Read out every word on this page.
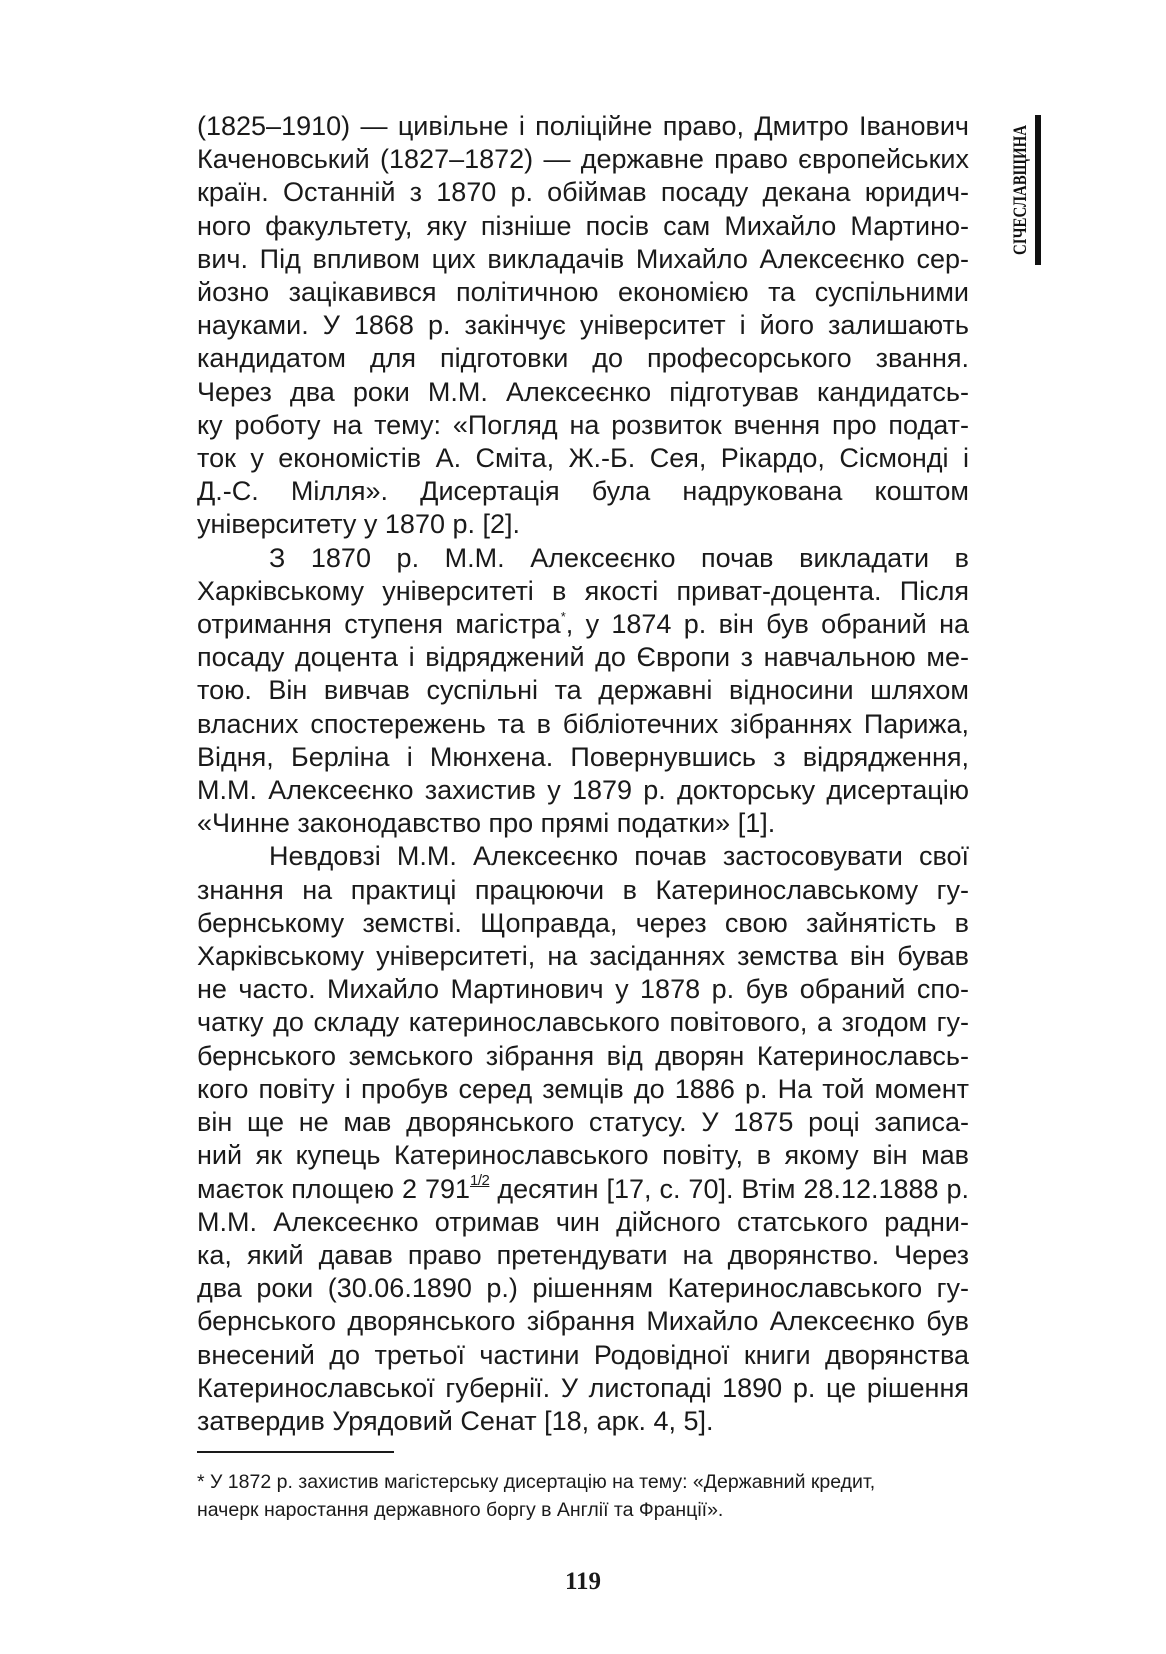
(1825–1910) — цивільне і поліційне право, Дмитро Іванович
Каченовський (1827–1872) — державне право європейських
країн. Останній з 1870 р. обіймав посаду декана юридич-
ного факультету, яку пізніше посів сам Михайло Мартино-
вич. Під впливом цих викладачів Михайло Алексеєнко сер-
йозно зацікавився політичною економією та суспільними
науками. У 1868 р. закінчує університет і його залишають
кандидатом для підготовки до професорського звання.
Через два роки М.М. Алексеєнко підготував кандидатсь-
ку роботу на тему: «Погляд на розвиток вчення про подат-
ток у економістів А. Сміта, Ж.-Б. Сея, Рікардо, Сісмонді і
Д.-С. Мілля». Дисертація була надрукована коштом
університету у 1870 р. [2].
З 1870 р. М.М. Алексеєнко почав викладати в
Харківському університеті в якості приват-доцента. Після
отримання ступеня магістра*, у 1874 р. він був обраний на
посаду доцента і відряджений до Європи з навчальною ме-
тою. Він вивчав суспільні та державні відносини шляхом
власних спостережень та в бібліотечних зібраннях Парижа,
Відня, Берліна і Мюнхена. Повернувшись з відрядження,
М.М. Алексеєнко захистив у 1879 р. докторську дисертацію
«Чинне законодавство про прямі податки» [1].
Невдовзі М.М. Алексеєнко почав застосовувати свої
знання на практиці працюючи в Катеринославському гу-
бернському земстві. Щоправда, через свою зайнятість в
Харківському університеті, на засіданнях земства він бував
не часто. Михайло Мартинович у 1878 р. був обраний спо-
чатку до складу катеринославського повітового, а згодом гу-
бернського земського зібрання від дворян Катеринославсь-
кого повіту і пробув серед земців до 1886 р. На той момент
він ще не мав дворянського статусу. У 1875 році записа-
ний як купець Катеринославського повіту, в якому він мав
маєток площею 2 $791^{1/2}$ десятин [17, с. 70]. Втім 28.12.1888 р.
М.М. Алексеєнко отримав чин дійсного статського радни-
ка, який давав право претендувати на дворянство. Через
два роки (30.06.1890 р.) рішенням Катеринославського гу-
бернського дворянського зібрання Михайло Алексеєнко був
внесений до третьої частини Родовідної книги дворянства
Катеринославської губернії. У листопаді 1890 р. це рішення
затвердив Урядовий Сенат [18, арк. 4, 5].
* У 1872 р. захистив магістерську дисертацію на тему: «Державний кредит,
начерк наростання державного боргу в Англії та Франції».
119
СІЧЕСЛАВЩИНА
